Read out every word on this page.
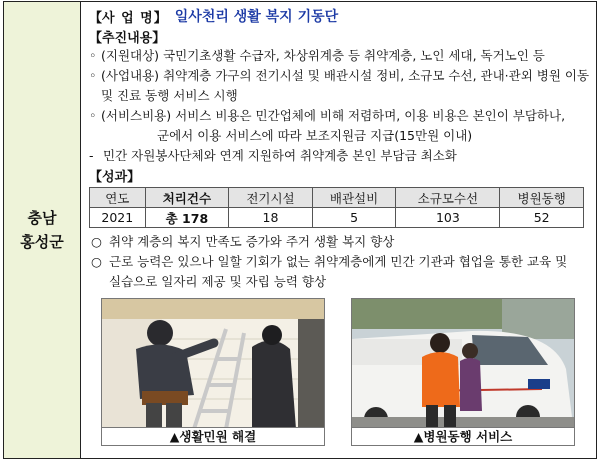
충남
홍성군
【 사 업 명 】 일사천리 생활 복지 기동단
【 추진내용 】
◦ (지원대상) 국민기초생활 수급자, 차상위계층 등 취약계층, 노인 세대, 독거노인 등
◦ (사업내용) 취약계층 가구의 전기시설 및 배관시설 정비, 소규모 수선, 관내·관외 병원 이동
및 진료 동행 서비스 시행
◦ (서비스비용) 서비스 비용은 민간업체에 비해 저렴하며, 이용 비용은 본인이 부담하나,
군에서 이용 서비스에 따라 보조지원금 지급(15만원 이내)
- 민간 자원봉사단체와 연계 지원하여 취약계층 본인 부담금 최소화
【 성과 】
연도	처리건수	전기시설	배관설비	소규모수선	병원동행
2021	총 178	18	5	103	52
○ 취약 계층의 복지 만족도 증가와 주거 생활 복지 향상
○ 근로 능력은 있으나 일할 기회가 없는 취약계층에게 민간 기관과 협업을 통한 교육 및
실습으로 일자리 제공 및 자립 능력 향상
▲생활민원 해결	▲병원동행 서비스
